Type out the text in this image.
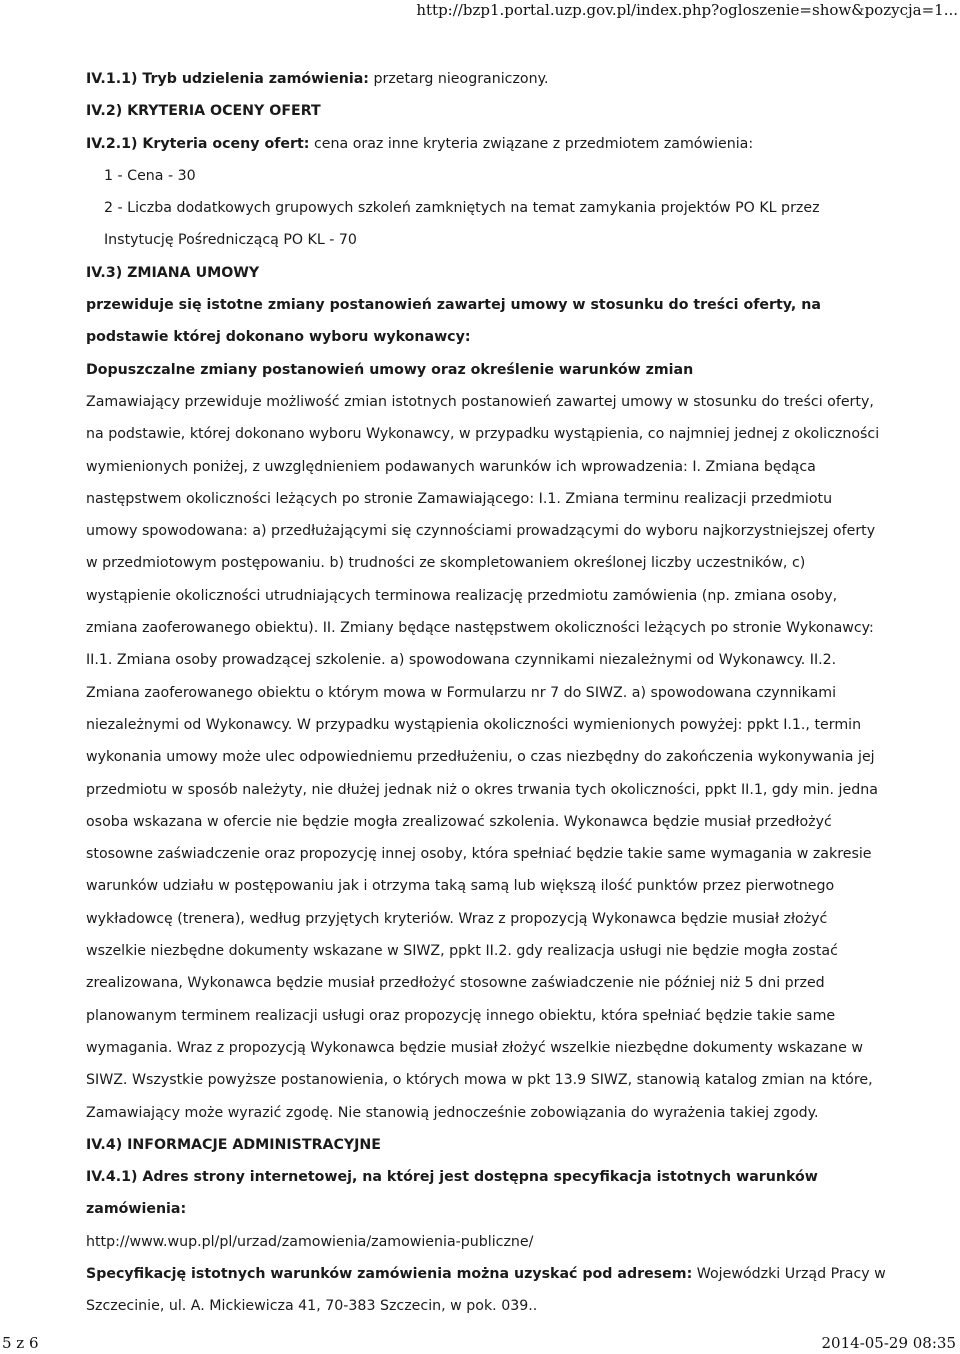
http://bzp1.portal.uzp.gov.pl/index.php?ogloszenie=show&pozycja=1...

IV.1.1) Tryb udzielenia zamówienia: przetarg nieograniczony.

IV.2) KRYTERIA OCENY OFERT

IV.2.1) Kryteria oceny ofert: cena oraz inne kryteria związane z przedmiotem zamówienia:

1 - Cena - 30

2 - Liczba dodatkowych grupowych szkoleń zamkniętych na temat zamykania projektów PO KL przez Instytucję Pośredniczącą PO KL - 70

IV.3) ZMIANA UMOWY

przewiduje się istotne zmiany postanowień zawartej umowy w stosunku do treści oferty, na podstawie której dokonano wyboru wykonawcy:

Dopuszczalne zmiany postanowień umowy oraz określenie warunków zmian

Zamawiający przewiduje możliwość zmian istotnych postanowień zawartej umowy w stosunku do treści oferty, na podstawie, której dokonano wyboru Wykonawcy, w przypadku wystąpienia, co najmniej jednej z okoliczności wymienionych poniżej, z uwzględnieniem podawanych warunków ich wprowadzenia: I. Zmiana będąca następstwem okoliczności leżących po stronie Zamawiającego: I.1. Zmiana terminu realizacji przedmiotu umowy spowodowana: a) przedłużającymi się czynnościami prowadzącymi do wyboru najkorzystniejszej oferty w przedmiotowym postępowaniu. b) trudności ze skompletowaniem określonej liczby uczestników, c) wystąpienie okoliczności utrudniających terminowa realizację przedmiotu zamówienia (np. zmiana osoby, zmiana zaoferowanego obiektu). II. Zmiany będące następstwem okoliczności leżących po stronie Wykonawcy: II.1. Zmiana osoby prowadzącej szkolenie. a) spowodowana czynnikami niezależnymi od Wykonawcy. II.2. Zmiana zaoferowanego obiektu o którym mowa w Formularzu nr 7 do SIWZ. a) spowodowana czynnikami niezależnymi od Wykonawcy. W przypadku wystąpienia okoliczności wymienionych powyżej: ppkt I.1., termin wykonania umowy może ulec odpowiedniemu przedłużeniu, o czas niezbędny do zakończenia wykonywania jej przedmiotu w sposób należyty, nie dłużej jednak niż o okres trwania tych okoliczności, ppkt II.1, gdy min. jedna osoba wskazana w ofercie nie będzie mogła zrealizować szkolenia. Wykonawca będzie musiał przedłożyć stosowne zaświadczenie oraz propozycję innej osoby, która spełniać będzie takie same wymagania w zakresie warunków udziału w postępowaniu jak i otrzyma taką samą lub większą ilość punktów przez pierwotnego wykładowcę (trenera), według przyjętych kryteriów. Wraz z propozycją Wykonawca będzie musiał złożyć wszelkie niezbędne dokumenty wskazane w SIWZ, ppkt II.2. gdy realizacja usługi nie będzie mogła zostać zrealizowana, Wykonawca będzie musiał przedłożyć stosowne zaświadczenie nie później niż 5 dni przed planowanym terminem realizacji usługi oraz propozycję innego obiektu, która spełniać będzie takie same wymagania. Wraz z propozycją Wykonawca będzie musiał złożyć wszelkie niezbędne dokumenty wskazane w SIWZ. Wszystkie powyższe postanowienia, o których mowa w pkt 13.9 SIWZ, stanowią katalog zmian na które, Zamawiający może wyrazić zgodę. Nie stanowią jednocześnie zobowiązania do wyrażenia takiej zgody.

IV.4) INFORMACJE ADMINISTRACYJNE

IV.4.1) Adres strony internetowej, na której jest dostępna specyfikacja istotnych warunków zamówienia:

http://www.wup.pl/pl/urzad/zamowienia/zamowienia-publiczne/

Specyfikację istotnych warunków zamówienia można uzyskać pod adresem: Wojewódzki Urząd Pracy w Szczecinie, ul. A. Mickiewicza 41, 70-383 Szczecin, w pok. 039..

5 z 6	2014-05-29 08:35
